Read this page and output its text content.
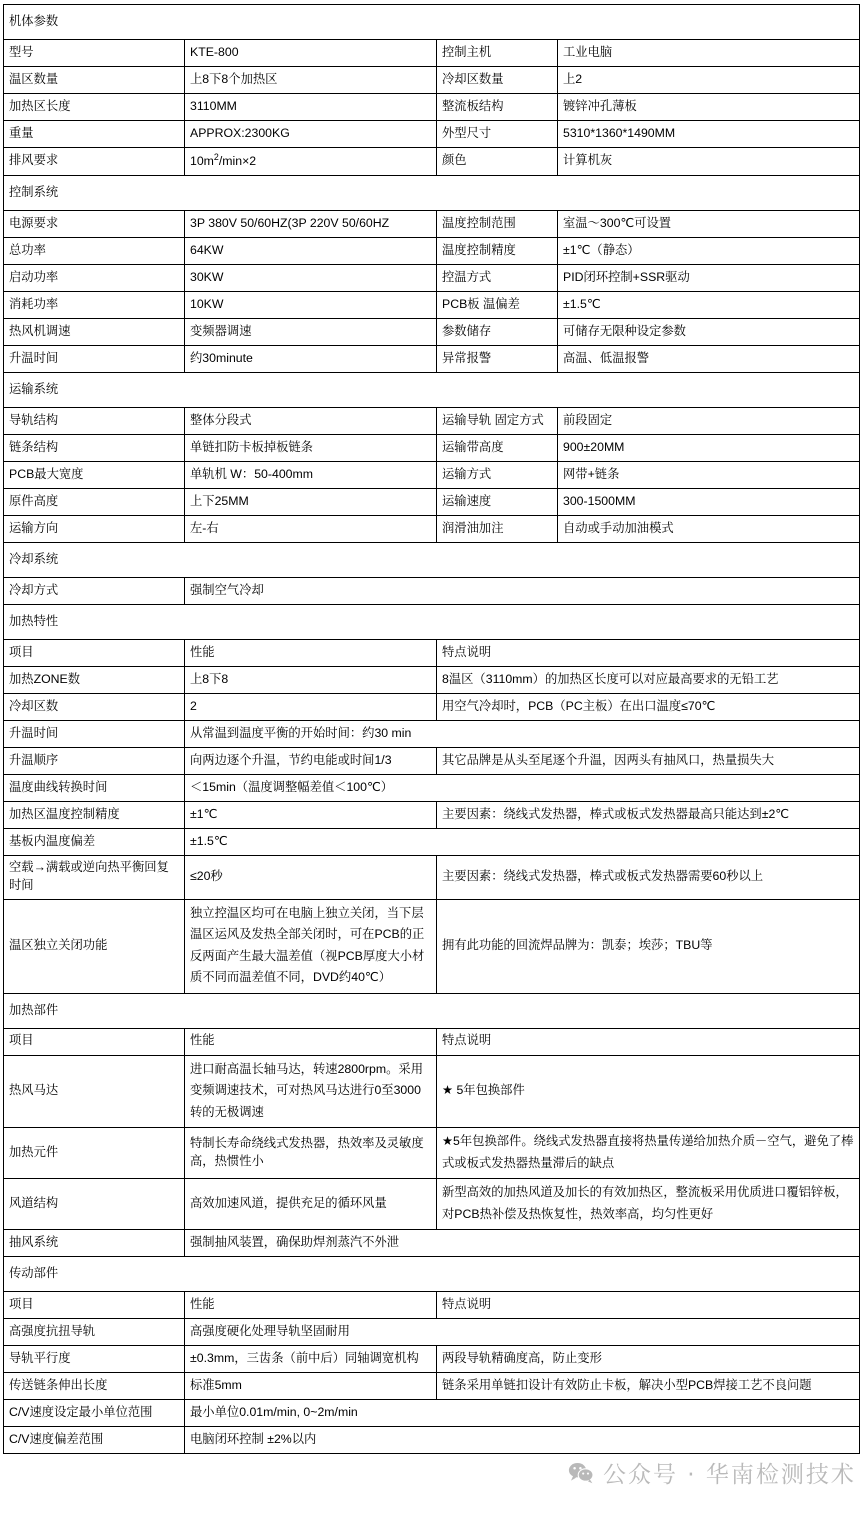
机体参数			
型号	KTE-800	控制主机	工业电脑
温区数量	上8下8个加热区	冷却区数量	上2
加热区长度	3110MM	整流板结构	镀锌冲孔薄板
重量	APPROX:2300KG	外型尺寸	5310*1360*1490MM
排风要求	$10m^2/\min\times 2$	颜色	计算机灰
控制系统			
电源要求	3P 380V 50/60HZ(3P 220V 50/60HZ	温度控制范围	室温～300℃可设置
总功率	64KW	温度控制精度	±1℃（静态）
启动功率	30KW	控温方式	PID闭环控制+SSR驱动
消耗功率	10KW	PCB板 温偏差	±1.5℃
热风机调速	变频器调速	参数储存	可储存无限种设定参数
升温时间	约30minute	异常报警	高温、低温报警
运输系统			
导轨结构	整体分段式	运输导轨 固定方式	前段固定
链条结构	单链扣防卡板掉板链条	运输带高度	900±20MM
PCB最大宽度	单轨机 W：50-400mm	运输方式	网带+链条
原件高度	上下25MM	运输速度	300-1500MM
运输方向	左-右	润滑油加注	自动或手动加油模式
冷却系统			
冷却方式	强制空气冷却		
加热特性			
项目	性能	特点说明	
加热ZONE数	上8下8	8温区（3110mm）的加热区长度可以对应最高要求的无铅工艺	
冷却区数	2	用空气冷却时，PCB（PC主板）在出口温度≤70℃	
升温时间	从常温到温度平衡的开始时间：约30 min		
升温顺序	向两边逐个升温，节约电能或时间1/3	其它品牌是从头至尾逐个升温，因两头有抽风口，热量损失大	
温度曲线转换时间	＜15min（温度调整幅差值＜100℃）		
加热区温度控制精度	±1℃	主要因素：绕线式发热器，棒式或板式发热器最高只能达到±2℃	
基板内温度偏差	±1.5℃		
空载→满载或逆向热平衡回复时间	≤20秒	主要因素：绕线式发热器，棒式或板式发热器需要60秒以上	
温区独立关闭功能	独立控温区均可在电脑上独立关闭，当下层温区运风及发热全部关闭时，可在PCB的正反两面产生最大温差值（视PCB厚度大小材质不同而温差值不同，DVD约40℃）	拥有此功能的回流焊品牌为：凯泰；埃莎；TBU等	
加热部件			
项目	性能	特点说明	
热风马达	进口耐高温长轴马达，转速2800rpm。采用变频调速技术，可对热风马达进行0至3000转的无极调速	★ 5年包换部件	
加热元件	特制长寿命绕线式发热器，热效率及灵敏度高，热惯性小	★5年包换部件。绕线式发热器直接将热量传递给加热介质－空气，避免了棒式或板式发热器热量滞后的缺点	
风道结构	高效加速风道，提供充足的循环风量	新型高效的加热风道及加长的有效加热区，整流板采用优质进口覆铝锌板，对PCB热补偿及热恢复性，热效率高，均匀性更好	
抽风系统	强制抽风装置，确保助焊剂蒸汽不外泄		
传动部件			
项目	性能	特点说明	
高强度抗扭导轨	高强度硬化处理导轨坚固耐用		
导轨平行度	±0.3mm，三齿条（前中后）同轴调宽机构	两段导轨精确度高，防止变形	
传送链条伸出长度	标准5mm	链条采用单链扣设计有效防止卡板，解决小型PCB焊接工艺不良问题	
C/V速度设定最小单位范围	最小单位0.01m/min, 0~2m/min		
C/V速度偏差范围	电脑闭环控制 ±2%以内		
公众号 · 华南检测技术
